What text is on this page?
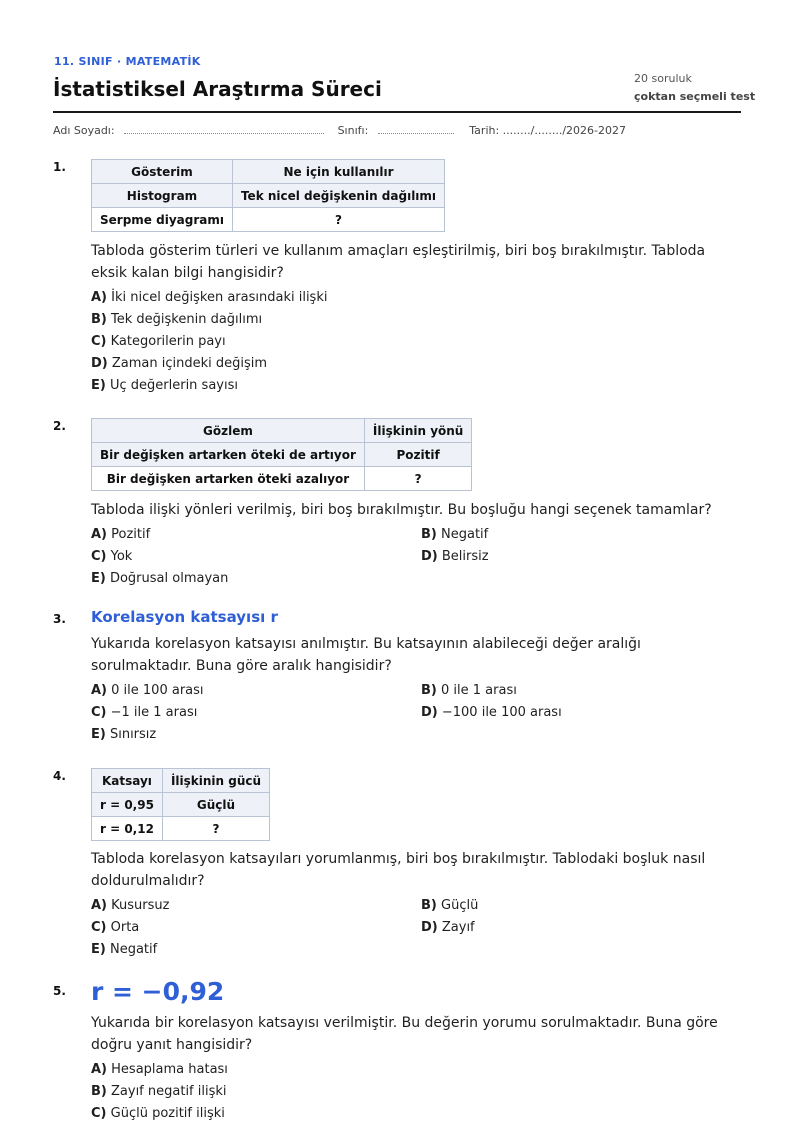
11. SINIF · MATEMATİK
İstatistiksel Araştırma Süreci	20 soruluk
çoktan seçmeli test
Adı Soyadı:	Sınıfı:	Tarih: ......../......../2026-2027
1.	Gösterim	Ne için kullanılır
Histogram	Tek nicel değişkenin dağılımı
Serpme diyagramı	?
Tabloda gösterim türleri ve kullanım amaçları eşleştirilmiş, biri boş bırakılmıştır. Tabloda eksik kalan bilgi hangisidir?
A) İki nicel değişken arasındaki ilişki
B) Tek değişkenin dağılımı
C) Kategorilerin payı
D) Zaman içindeki değişim
E) Uç değerlerin sayısı
2.	Gözlem	İlişkinin yönü
Bir değişken artarken öteki de artıyor	Pozitif
Bir değişken artarken öteki azalıyor	?
Tabloda ilişki yönleri verilmiş, biri boş bırakılmıştır. Bu boşluğu hangi seçenek tamamlar?
A) Pozitif	B) Negatif
C) Yok	D) Belirsiz
E) Doğrusal olmayan
3. Korelasyon katsayısı r
Yukarıda korelasyon katsayısı anılmıştır. Bu katsayının alabileceği değer aralığı sorulmaktadır. Buna göre aralık hangisidir?
A) 0 ile 100 arası	B) 0 ile 1 arası
C) −1 ile 1 arası	D) −100 ile 100 arası
E) Sınırsız
4.	Katsayı	İlişkinin gücü
r = 0,95	Güçlü
r = 0,12	?
Tabloda korelasyon katsayıları yorumlanmış, biri boş bırakılmıştır. Tablodaki boşluk nasıl doldurulmalıdır?
A) Kusursuz	B) Güçlü
C) Orta	D) Zayıf
E) Negatif
5. r = −0,92
Yukarıda bir korelasyon katsayısı verilmiştir. Bu değerin yorumu sorulmaktadır. Buna göre doğru yanıt hangisidir?
A) Hesaplama hatası
B) Zayıf negatif ilişki
C) Güçlü pozitif ilişki
